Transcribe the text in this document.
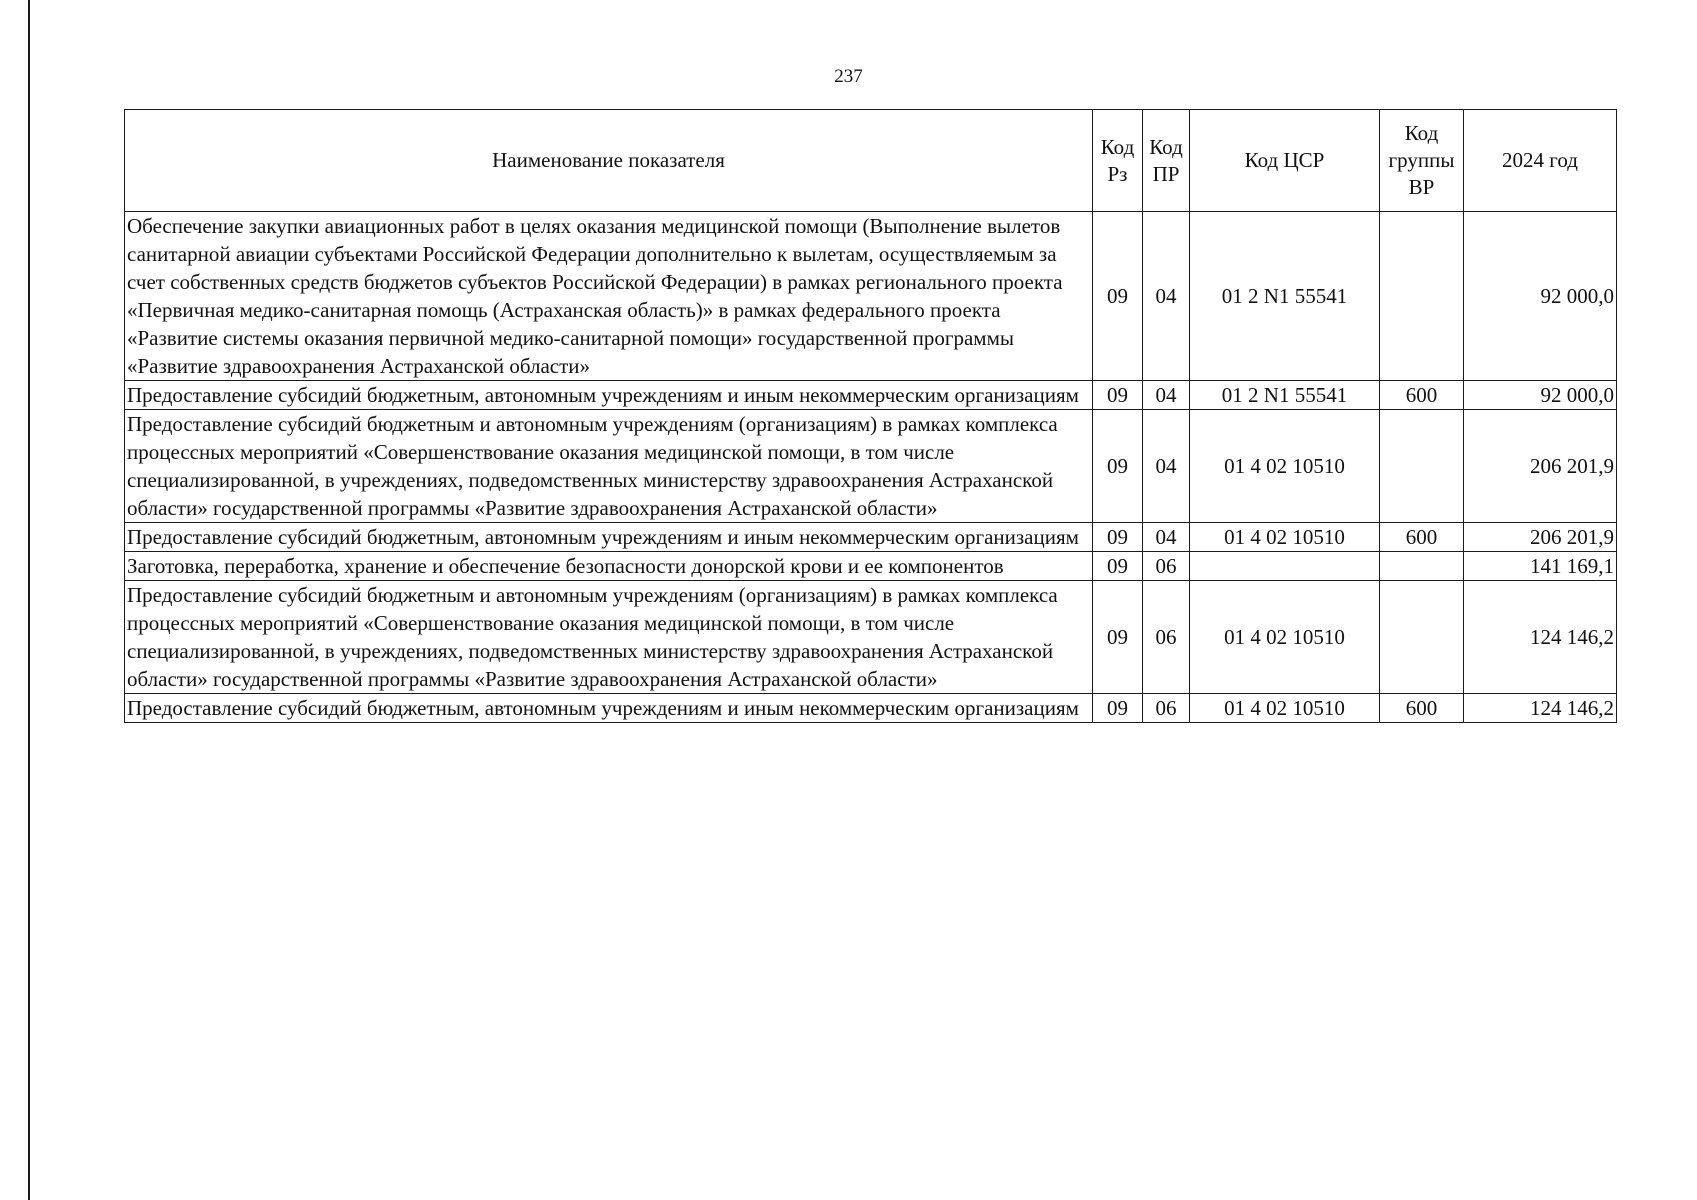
237
Наименование показателя	Код Рз	Код ПР	Код ЦСР	Код группы ВР	2024 год
Обеспечение закупки авиационных работ в целях оказания медицинской помощи (Выполнение вылетов санитарной авиации субъектами Российской Федерации дополнительно к вылетам, осуществляемым за счет собственных средств бюджетов субъектов Российской Федерации) в рамках регионального проекта «Первичная медико-санитарная помощь (Астраханская область)» в рамках федерального проекта «Развитие системы оказания первичной медико-санитарной помощи» государственной программы «Развитие здравоохранения Астраханской области»	09	04	01 2 N1 55541		92 000,0
Предоставление субсидий бюджетным, автономным учреждениям и иным некоммерческим организациям	09	04	01 2 N1 55541	600	92 000,0
Предоставление субсидий бюджетным и автономным учреждениям (организациям) в рамках комплекса процессных мероприятий «Совершенствование оказания медицинской помощи, в том числе специализированной, в учреждениях, подведомственных министерству здравоохранения Астраханской области» государственной программы «Развитие здравоохранения Астраханской области»	09	04	01 4 02 10510		206 201,9
Предоставление субсидий бюджетным, автономным учреждениям и иным некоммерческим организациям	09	04	01 4 02 10510	600	206 201,9
Заготовка, переработка, хранение и обеспечение безопасности донорской крови и ее компонентов	09	06			141 169,1
Предоставление субсидий бюджетным и автономным учреждениям (организациям) в рамках комплекса процессных мероприятий «Совершенствование оказания медицинской помощи, в том числе специализированной, в учреждениях, подведомственных министерству здравоохранения Астраханской области» государственной программы «Развитие здравоохранения Астраханской области»	09	06	01 4 02 10510		124 146,2
Предоставление субсидий бюджетным, автономным учреждениям и иным некоммерческим организациям	09	06	01 4 02 10510	600	124 146,2
